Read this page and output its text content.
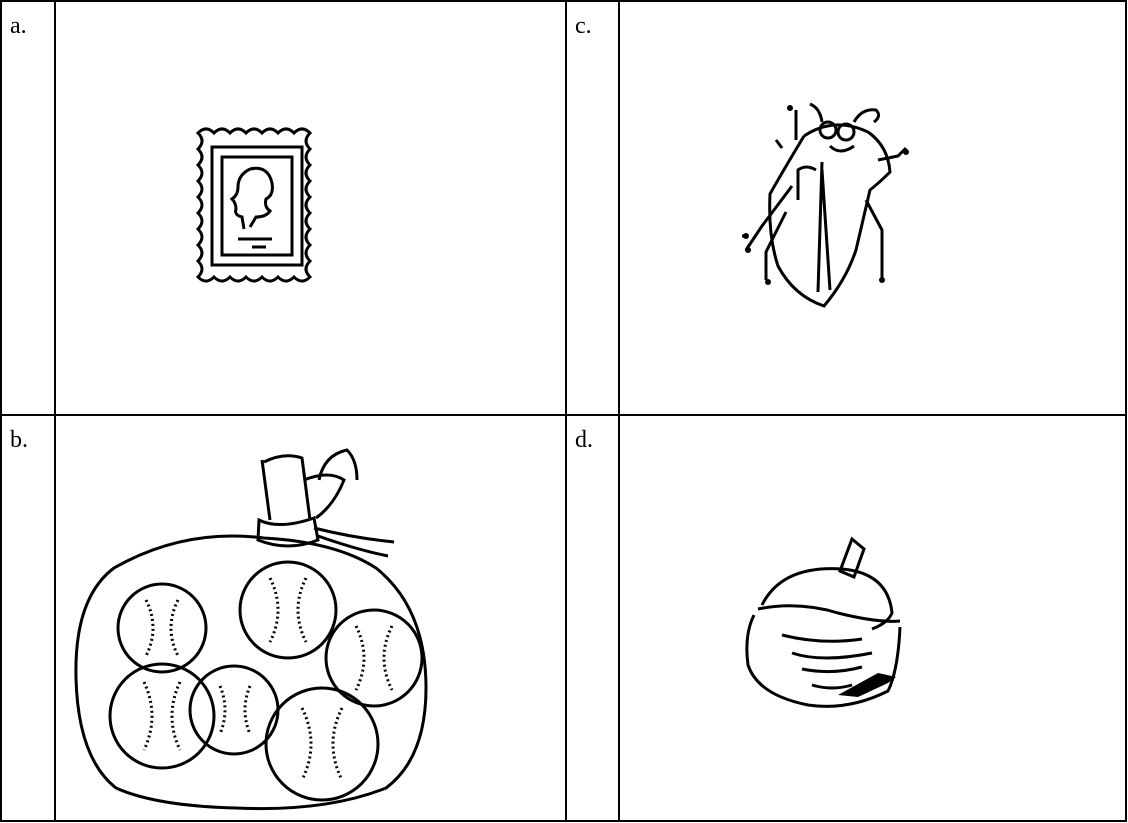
a.
b.
c.
d.
